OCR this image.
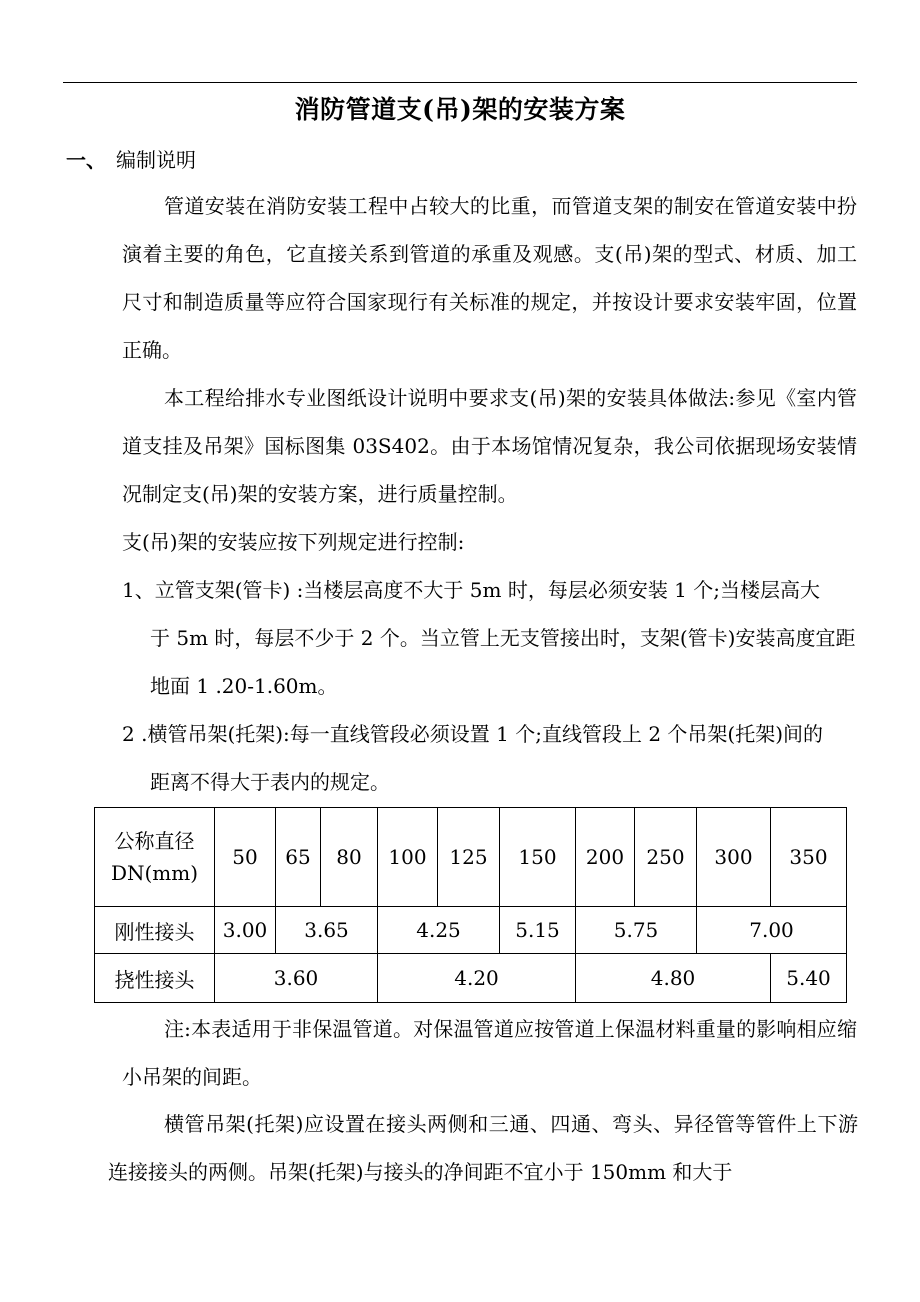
消防管道支(吊)架的安装方案
一、 编制说明
管道安装在消防安装工程中占较大的比重，而管道支架的制安在管道安装中扮演着主要的角色，它直接关系到管道的承重及观感。支(吊)架的型式、材质、加工尺寸和制造质量等应符合国家现行有关标准的规定，并按设计要求安装牢固，位置正确。
本工程给排水专业图纸设计说明中要求支(吊)架的安装具体做法:参见《室内管道支挂及吊架》国标图集 03S402。由于本场馆情况复杂，我公司依据现场安装情况制定支(吊)架的安装方案，进行质量控制。
支(吊)架的安装应按下列规定进行控制:
1、立管支架(管卡) :当楼层高度不大于 5m 时，每层必须安装 1 个;当楼层高大
于 5m 时，每层不少于 2 个。当立管上无支管接出时，支架(管卡)安装高度宜距地面 1 .20-1.60m。
2 .横管吊架(托架):每一直线管段必须设置 1 个;直线管段上 2 个吊架(托架)间的
距离不得大于表内的规定。
公称直径
DN(mm)	50	65	80	100	125	150	200	250	300	350
刚性接头	3.00	3.65		4.25		5.15	5.75		7.00	
挠性接头	3.60			4.20			4.80			5.40
注:本表适用于非保温管道。对保温管道应按管道上保温材料重量的影响相应缩小吊架的间距。
横管吊架(托架)应设置在接头两侧和三通、四通、弯头、异径管等管件上下游连接接头的两侧。吊架(托架)与接头的净间距不宜小于 150mm 和大于
